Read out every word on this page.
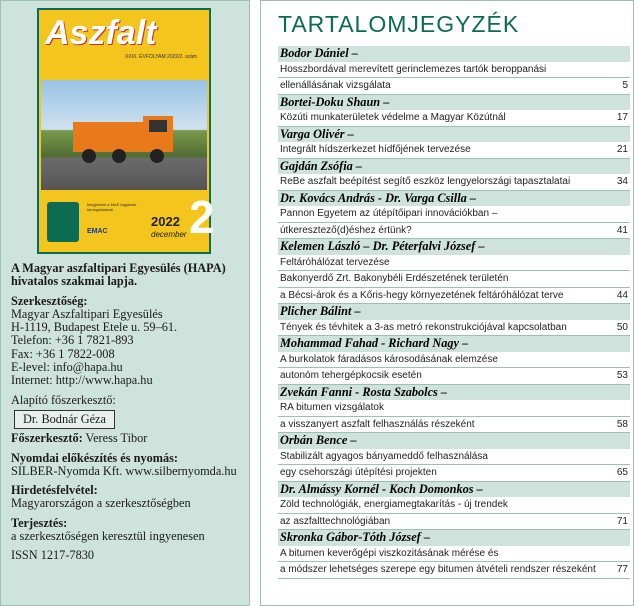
Aszfalt
XXIX. ÉVFOLYAM 2022/2. szám
Megjelenik a MAE tagjainak támogatásával
EMAC
2022
december 2

A Magyar aszfaltipari Egyesülés (HAPA) hivatalos szakmai lapja.

Szerkesztőség:

Magyar Aszfaltipari Egyesülés

H-1119, Budapest Etele u. 59–61.

Telefon: +36 1 7821-893

Fax: +36 1 7822-008

E-level: info@hapa.hu

Internet: http://www.hapa.hu

Alapító főszerkesztő:

Dr. Bodnár Géza

Főszerkesztő: Veress Tibor

Nyomdai előkészítés és nyomás:

SILBER-Nyomda Kft. www.silbernyomda.hu

Hirdetésfelvétel:

Magyarországon a szerkesztőségben

Terjesztés:

a szerkesztőségen keresztül ingyenesen

ISSN 1217-7830

TARTALOMJEGYZÉK
Bodor Dániel –
Hosszbordával merevített gerinclemezes tartók beroppanási
ellenállásának vizsgálata	5
Bortei-Doku Shaun –
Közúti munkaterületek védelme a Magyar Közútnál	17
Varga Olivér –
Integrált hídszerkezet hídfőjének tervezése	21
Gajdán Zsófia –
ReBe aszfalt beépítést segítő eszköz lengyelországi tapasztalatai	34
Dr. Kovács András - Dr. Varga Csilla –
Pannon Egyetem az útépítőipari innovációkban –
útkeresztező(d)éshez értünk?	41
Kelemen László – Dr. Péterfalvi József –
Feltáróhálózat tervezése
Bakonyerdő Zrt. Bakonybéli Erdészetének területén
a Bécsi-árok és a Kőris-hegy környezetének feltáróhálózat terve	44
Plicher Bálint –
Tények és tévhitek a 3-as metró rekonstrukciójával kapcsolatban	50
Mohammad Fahad - Richard Nagy –
A burkolatok fáradásos károsodásának elemzése
autonóm tehergépkocsik esetén	53
Zvekán Fanni - Rosta Szabolcs –
RA bitumen vizsgálatok
a visszanyert aszfalt felhasználás részeként	58
Orbán Bence –
Stabilizált agyagos bányameddő felhasználása
egy csehországi útépítési projekten	65
Dr. Almássy Kornél - Koch Domonkos –
Zöld technológiák, energiamegtakarítás - új trendek
az aszfalttechnológiában	71
Skronka Gábor-Tóth József –
A bitumen keverőgépi viszkozitásának mérése és
a módszer lehetséges szerepe egy bitumen átvételi rendszer részeként 77
